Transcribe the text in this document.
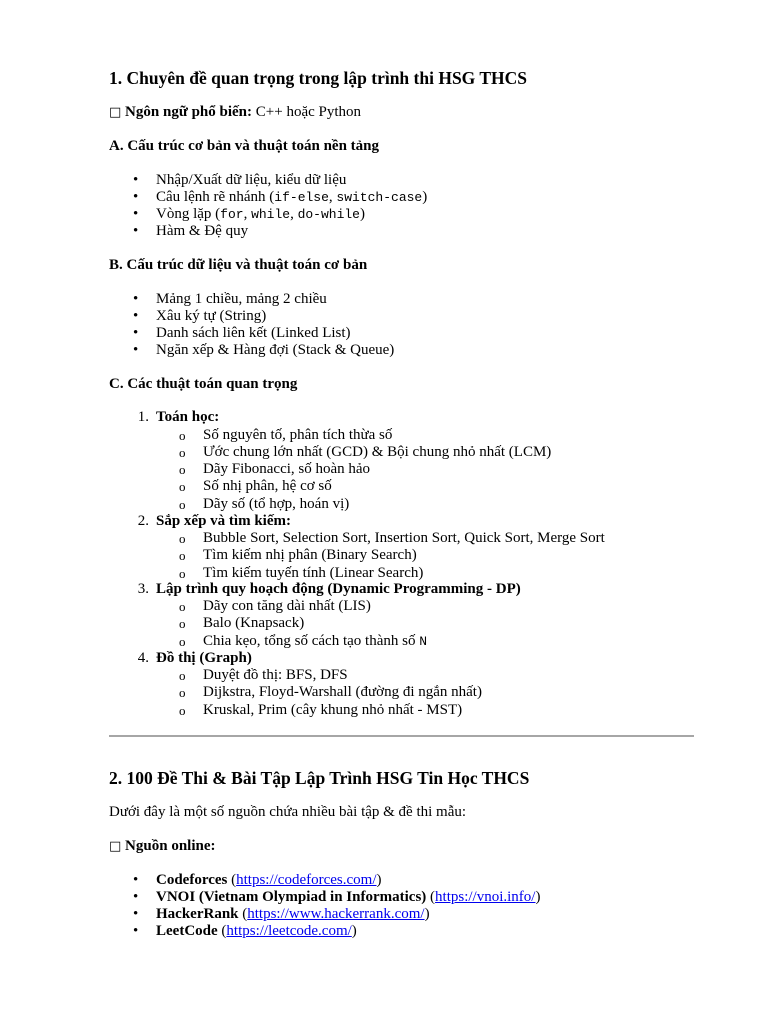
1. Chuyên đề quan trọng trong lập trình thi HSG THCS
□ Ngôn ngữ phổ biến: C++ hoặc Python
A. Cấu trúc cơ bản và thuật toán nền tảng
• Nhập/Xuất dữ liệu, kiểu dữ liệu
• Câu lệnh rẽ nhánh (if-else, switch-case)
• Vòng lặp (for, while, do-while)
• Hàm & Đệ quy
B. Cấu trúc dữ liệu và thuật toán cơ bản
• Mảng 1 chiều, mảng 2 chiều
• Xâu ký tự (String)
• Danh sách liên kết (Linked List)
• Ngăn xếp & Hàng đợi (Stack & Queue)
C. Các thuật toán quan trọng
1. Toán học:
o Số nguyên tố, phân tích thừa số
o Ước chung lớn nhất (GCD) & Bội chung nhỏ nhất (LCM)
o Dãy Fibonacci, số hoàn hảo
o Số nhị phân, hệ cơ số
o Dãy số (tổ hợp, hoán vị)
2. Sắp xếp và tìm kiếm:
o Bubble Sort, Selection Sort, Insertion Sort, Quick Sort, Merge Sort
o Tìm kiếm nhị phân (Binary Search)
o Tìm kiếm tuyến tính (Linear Search)
3. Lập trình quy hoạch động (Dynamic Programming - DP)
o Dãy con tăng dài nhất (LIS)
o Balo (Knapsack)
o Chia kẹo, tổng số cách tạo thành số N
4. Đồ thị (Graph)
o Duyệt đồ thị: BFS, DFS
o Dijkstra, Floyd-Warshall (đường đi ngắn nhất)
o Kruskal, Prim (cây khung nhỏ nhất - MST)
2. 100 Đề Thi & Bài Tập Lập Trình HSG Tin Học THCS
Dưới đây là một số nguồn chứa nhiều bài tập & đề thi mẫu:
□ Nguồn online:
• Codeforces (https://codeforces.com/)
• VNOI (Vietnam Olympiad in Informatics) (https://vnoi.info/)
• HackerRank (https://www.hackerrank.com/)
• LeetCode (https://leetcode.com/)
